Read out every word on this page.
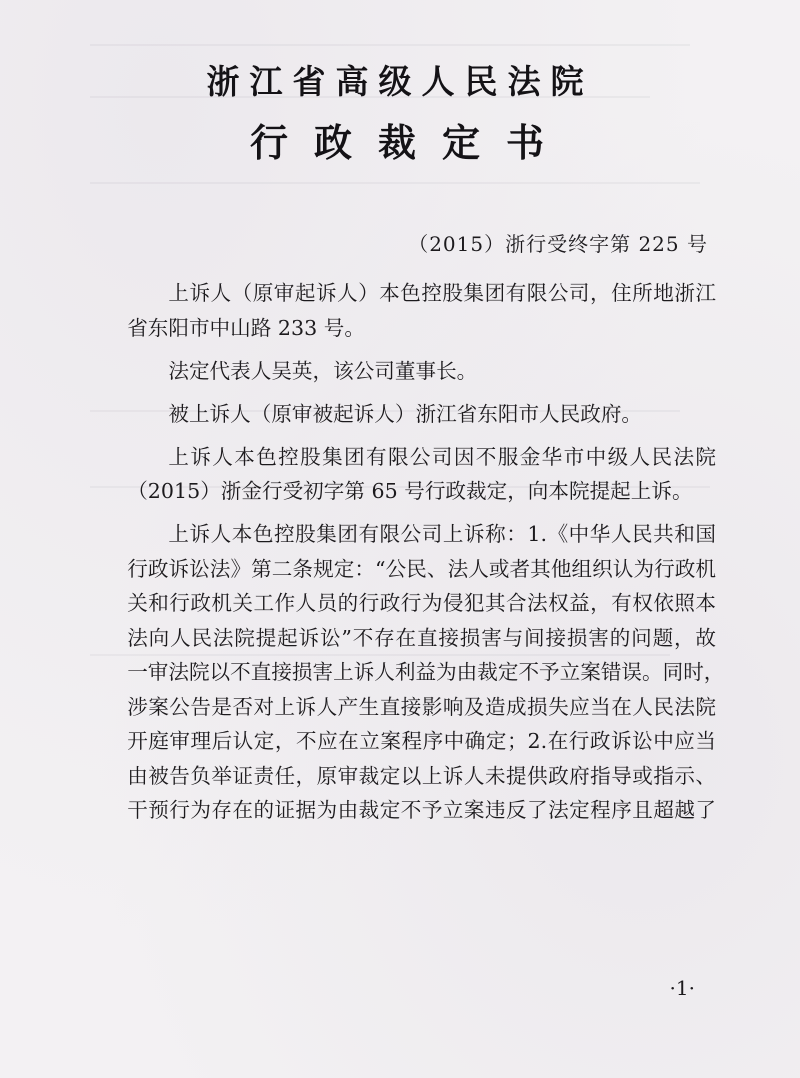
浙江省高级人民法院
行政裁定书
（2015）浙行受终字第 225 号
上诉人（原审起诉人）本色控股集团有限公司，住所地浙江
省东阳市中山路 233 号。
法定代表人吴英，该公司董事长。
被上诉人（原审被起诉人）浙江省东阳市人民政府。
上诉人本色控股集团有限公司因不服金华市中级人民法院
（2015）浙金行受初字第 65 号行政裁定，向本院提起上诉。
上诉人本色控股集团有限公司上诉称：1.《中华人民共和国
行政诉讼法》第二条规定：“公民、法人或者其他组织认为行政机
关和行政机关工作人员的行政行为侵犯其合法权益，有权依照本
法向人民法院提起诉讼”不存在直接损害与间接损害的问题，故
一审法院以不直接损害上诉人利益为由裁定不予立案错误。同时，
涉案公告是否对上诉人产生直接影响及造成损失应当在人民法院
开庭审理后认定，不应在立案程序中确定；2.在行政诉讼中应当
由被告负举证责任，原审裁定以上诉人未提供政府指导或指示、
干预行为存在的证据为由裁定不予立案违反了法定程序且超越了
·1·
